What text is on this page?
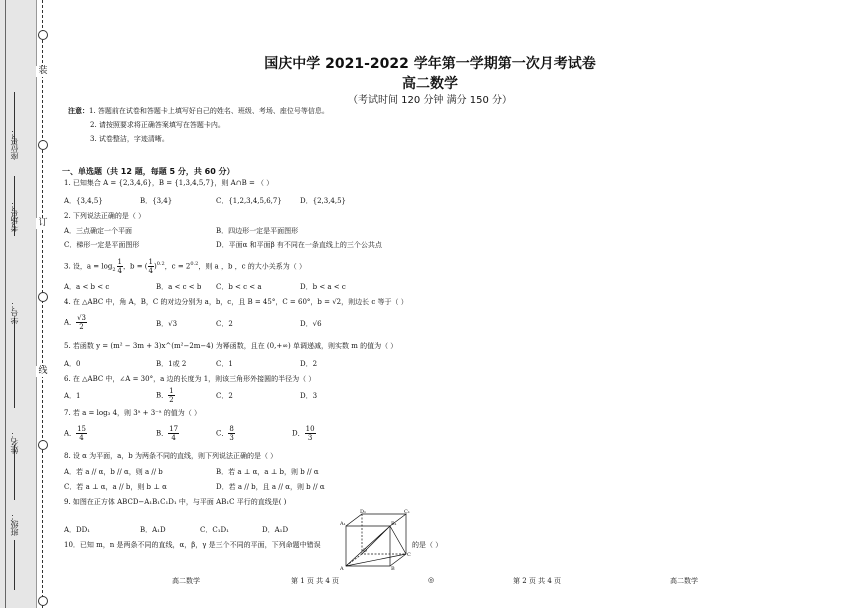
座位号：
考场号：
学号：
姓名：
班级：
装
订
线
国庆中学 2021-2022 学年第一学期第一次月考试卷
高二数学
（考试时间 120 分钟 满分 150 分）
注意：1. 答题前在试卷和答题卡上填写好自己的姓名、班级、考场、座位号等信息。
2. 请按照要求将正确答案填写在答题卡内。
3. 试卷整洁，字迹清晰。
一、单选题（共 12 题，每题 5 分，共 60 分）
1. 已知集合 A = {2,3,4,6}，B = {1,3,4,5,7}，则 A∩B = （ ）
A．{3,4,5}	B．{3,4}	C．{1,2,3,4,5,6,7}	D．{2,3,4,5}
2. 下列说法正确的是（ ）
A．三点确定一个平面	B．四边形一定是平面图形
C．梯形一定是平面图形	D．平面α 和平面β 有不同在一条直线上的三个公共点
3. 设，$a = \log_2 \frac{1}{4}$ ，b = ( $\frac{1}{4} )^{0.2}$，$c = 2^{0.2}$，则 a ，b ，c 的大小关系为（ ）
A．a < b < c	B．a < c < b C．b < c < a	D．b < a < c
4. 在 △ABC 中，角 A，B，C 的对边分别为 a，b，c，且 B = 45°，C = 60°，b = √2，则边长 c 等于（ ）
A． $\frac{√3}{2}$	B．√3	C．2	D．√6
5. 若函数 y = (m² − 3m + 3)x^(m²−2m−4) 为幂函数，且在 (0,+∞) 单调递减，则实数 m 的值为（ ）
A．0	B．1或 2	C．1	D．2
6. 在 △ABC 中，∠A = 30°，a 边的长度为 1，则该三角形外接圆的半径为（ ）
A．1	B． $\frac{1}{2}$	C．2	D．3
7. 若 a = log₃ 4，则 3ᵃ + 3⁻ᵃ 的值为（ ）
A． $\frac{15}{4}$	B． $\frac{17}{4}$	C． $\frac{8}{3}$	D． $\frac{10}{3}$
8. 设 α 为平面，a，b 为两条不同的直线，则下列说法正确的是（ ）
A．若 a // α，b // α，则 a // b	B．若 a ⊥ α，a ⊥ b，则 b // α
C．若 a ⊥ α，a // b，则 b ⊥ α	D．若 a // b，且 a // α，则 b // α
9. 如图在正方体 ABCD−A₁B₁C₁D₁ 中，与平面 AB₁C 平行的直线是( )
A．DD₁	B．A₁D	C．C₁D₁	D．A₁D
10．已知 m，n 是两条不同的直线，α，β，γ 是三个不同的平面，下列命题中错误	的是（ ）
D₁	C₁
A₁	B₁
D
C
A	B
高二数学	第 1 页 共 4 页	◎	第 2 页 共 4 页	高二数学
